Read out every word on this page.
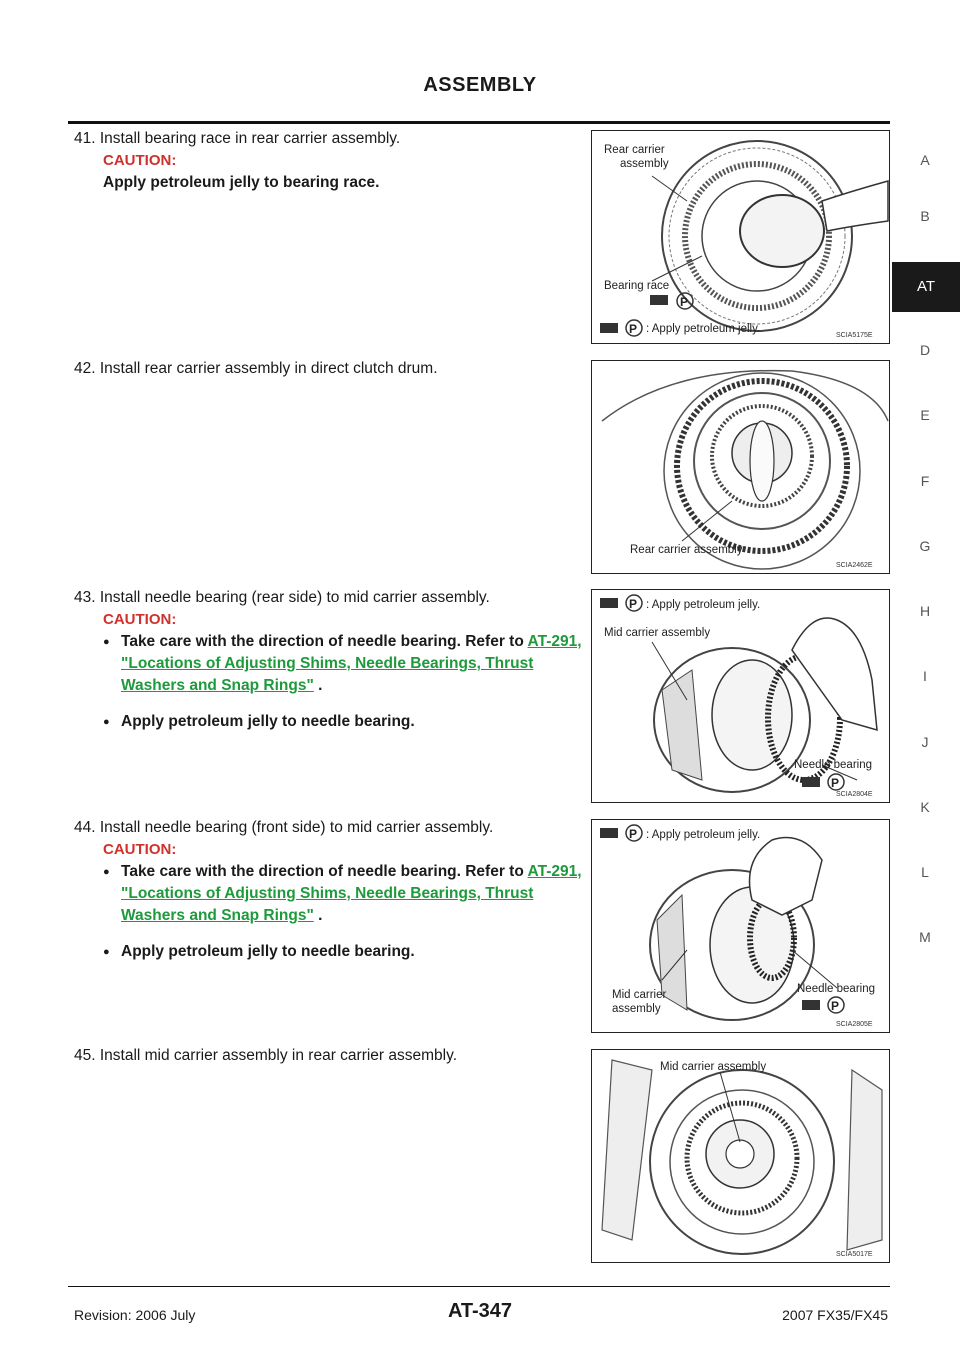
ASSEMBLY
A
B
AT
D
E
F
G
H
I
J
K
L
M
41. Install bearing race in rear carrier assembly.
CAUTION:
Apply petroleum jelly to bearing race.
42. Install rear carrier assembly in direct clutch drum.
43. Install needle bearing (rear side) to mid carrier assembly.
CAUTION:
● Take care with the direction of needle bearing. Refer to AT-291, "Locations of Adjusting Shims, Needle Bearings, Thrust Washers and Snap Rings" .
● Apply petroleum jelly to needle bearing.
44. Install needle bearing (front side) to mid carrier assembly.
CAUTION:
● Take care with the direction of needle bearing. Refer to AT-291, "Locations of Adjusting Shims, Needle Bearings, Thrust Washers and Snap Rings" .
● Apply petroleum jelly to needle bearing.
45. Install mid carrier assembly in rear carrier assembly.
Rear carrier
assembly
Bearing race
P
P : Apply petroleum jelly.
SCIA5175E
Rear carrier assembly
SCIA2462E
P : Apply petroleum jelly.
Mid carrier assembly
Needle bearing
P
SCIA2804E
P : Apply petroleum jelly.
Mid carrier
assembly
Needle bearing
P
SCIA2805E
Mid carrier assembly
SCIA5017E
Revision: 2006 July	AT-347	2007 FX35/FX45
